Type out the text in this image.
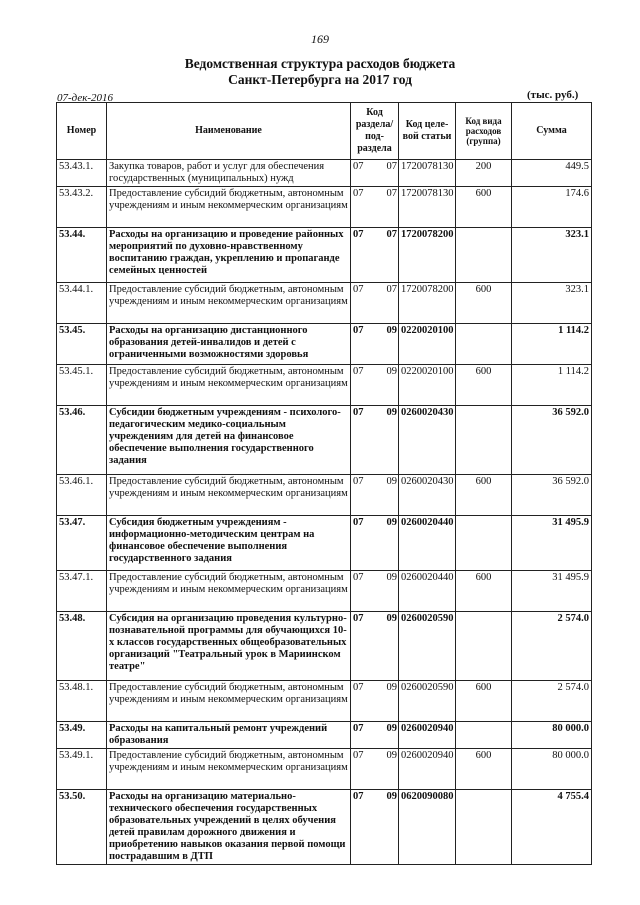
169
Ведомственная структура расходов бюджета
Санкт-Петербурга на 2017 год
07-дек-2016	(тыс. руб.)
Номер	Наименование	Код раздела/ под-раздела	Код целе-вой статьи	Код вида расходов (группа)	Сумма
53.43.1.	Закупка товаров, работ и услуг для обеспечения государственных (муниципальных) нужд	07 07	1720078130	200	449.5
53.43.2.	Предоставление субсидий бюджетным, автономным учреждениям и иным некоммерческим организациям	07 07	1720078130	600	174.6
53.44.	Расходы на организацию и проведение районных мероприятий по духовно-нравственному воспитанию граждан, укреплению и пропаганде семейных ценностей	07 07	1720078200		323.1
53.44.1.	Предоставление субсидий бюджетным, автономным учреждениям и иным некоммерческим организациям	07 07	1720078200	600	323.1
53.45.	Расходы на организацию дистанционного образования детей-инвалидов и детей с ограниченными возможностями здоровья	07 09	0220020100		1 114.2
53.45.1.	Предоставление субсидий бюджетным, автономным учреждениям и иным некоммерческим организациям	07 09	0220020100	600	1 114.2
53.46.	Субсидии бюджетным учреждениям - психолого-педагогическим медико-социальным учреждениям для детей на финансовое обеспечение выполнения государственного задания	07 09	0260020430		36 592.0
53.46.1.	Предоставление субсидий бюджетным, автономным учреждениям и иным некоммерческим организациям	07 09	0260020430	600	36 592.0
53.47.	Субсидия бюджетным учреждениям - информационно-методическим центрам на финансовое обеспечение выполнения государственного задания	07 09	0260020440		31 495.9
53.47.1.	Предоставление субсидий бюджетным, автономным учреждениям и иным некоммерческим организациям	07 09	0260020440	600	31 495.9
53.48.	Субсидия на организацию проведения культурно-познавательной программы для обучающихся 10-х классов государственных общеобразовательных организаций "Театральный урок в Мариинском театре"	07 09	0260020590		2 574.0
53.48.1.	Предоставление субсидий бюджетным, автономным учреждениям и иным некоммерческим организациям	07 09	0260020590	600	2 574.0
53.49.	Расходы на капитальный ремонт учреждений образования	07 09	0260020940		80 000.0
53.49.1.	Предоставление субсидий бюджетным, автономным учреждениям и иным некоммерческим организациям	07 09	0260020940	600	80 000.0
53.50.	Расходы на организацию материально-технического обеспечения государственных образовательных учреждений в целях обучения детей правилам дорожного движения и приобретению навыков оказания первой помощи пострадавшим в ДТП	07 09	0620090080		4 755.4
